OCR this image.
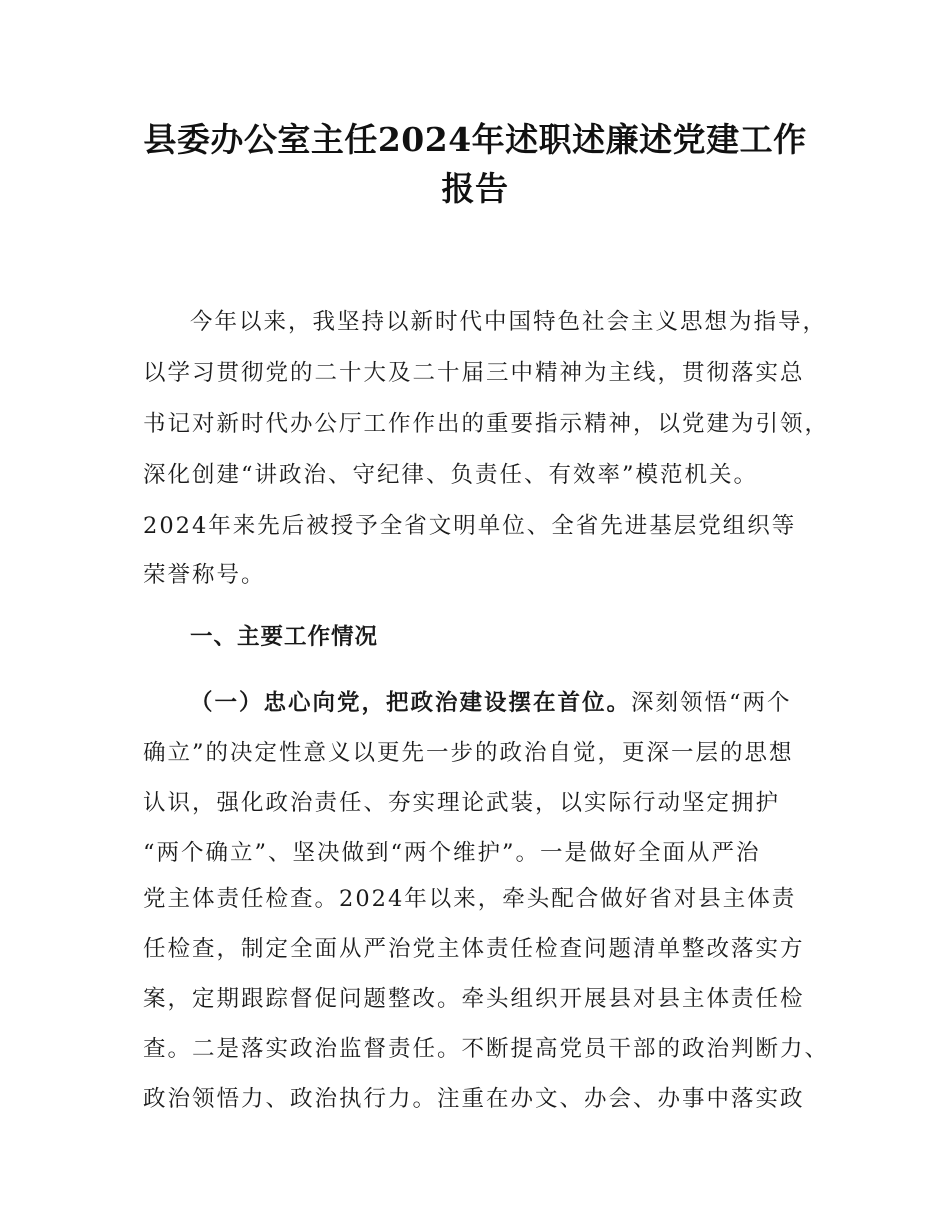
县委办公室主任2024年述职述廉述党建工作
报告
今年以来，我坚持以新时代中国特色社会主义思想为指导，
以学习贯彻党的二十大及二十届三中精神为主线，贯彻落实总
书记对新时代办公厅工作作出的重要指示精神，以党建为引领，
深化创建“讲政治、守纪律、负责任、有效率”模范机关。
2024年来先后被授予全省文明单位、全省先进基层党组织等
荣誉称号。
一、主要工作情况
（一）忠心向党，把政治建设摆在首位。深刻领悟“两个
确立”的决定性意义以更先一步的政治自觉，更深一层的思想
认识，强化政治责任、夯实理论武装，以实际行动坚定拥护
“两个确立”、坚决做到“两个维护”。一是做好全面从严治
党主体责任检查。2024年以来，牵头配合做好省对县主体责
任检查，制定全面从严治党主体责任检查问题清单整改落实方
案，定期跟踪督促问题整改。牵头组织开展县对县主体责任检
查。二是落实政治监督责任。不断提高党员干部的政治判断力、
政治领悟力、政治执行力。注重在办文、办会、办事中落实政
